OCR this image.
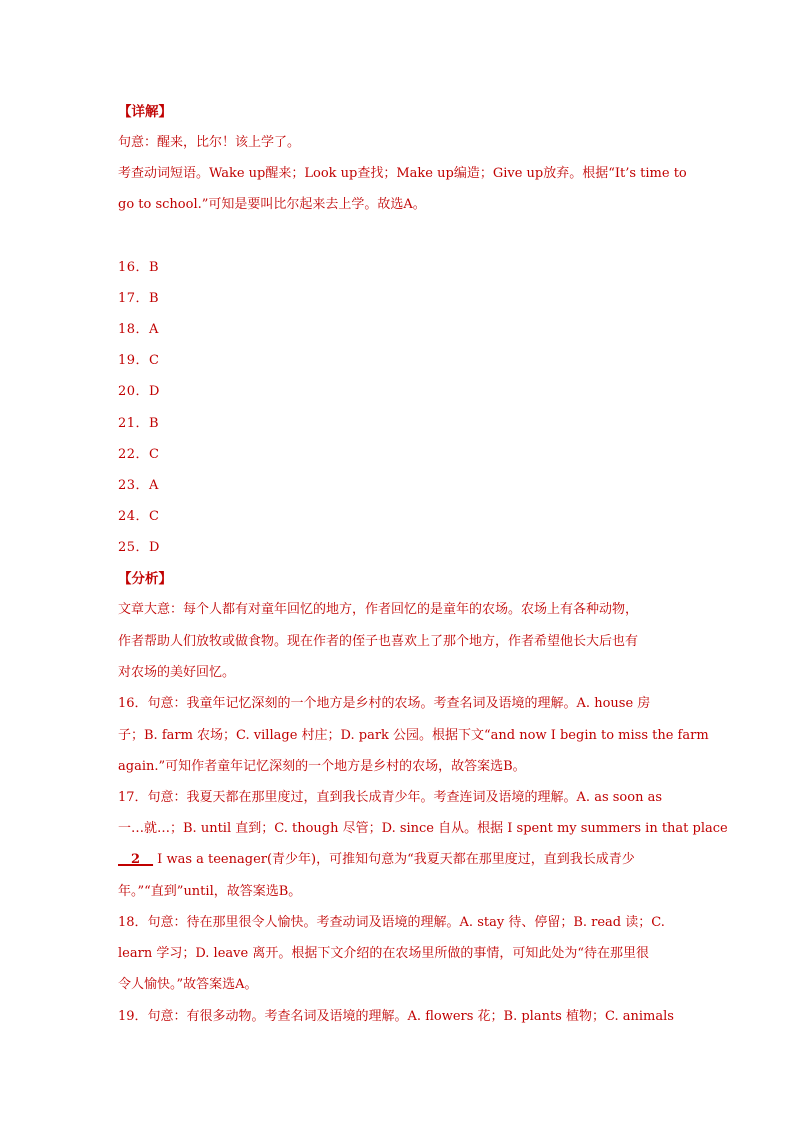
【详解】
句意：醒来，比尔！该上学了。
考查动词短语。Wake up醒来；Look up查找；Make up编造；Give up放弃。根据“It’s time to
go to school.”可知是要叫比尔起来去上学。故选A。
16．B
17．B
18．A
19．C
20．D
21．B
22．C
23．A
24．C
25．D
【分析】
文章大意：每个人都有对童年回忆的地方，作者回忆的是童年的农场。农场上有各种动物，
作者帮助人们放牧或做食物。现在作者的侄子也喜欢上了那个地方，作者希望他长大后也有
对农场的美好回忆。
16．句意：我童年记忆深刻的一个地方是乡村的农场。考查名词及语境的理解。A. house 房
子；B. farm 农场；C. village 村庄；D. park 公园。根据下文“and now I begin to miss the farm
again.”可知作者童年记忆深刻的一个地方是乡村的农场，故答案选B。
17．句意：我夏天都在那里度过，直到我长成青少年。考查连词及语境的理解。A. as soon as
一…就…；B. until 直到；C. though 尽管；D. since 自从。根据 I spent my summers in that place
__2__ I was a teenager(青少年)，可推知句意为“我夏天都在那里度过，直到我长成青少
年。”“直到”until，故答案选B。
18．句意：待在那里很令人愉快。考查动词及语境的理解。A. stay 待、停留；B. read 读；C.
learn 学习；D. leave 离开。根据下文介绍的在农场里所做的事情，可知此处为“待在那里很
令人愉快。”故答案选A。
19．句意：有很多动物。考查名词及语境的理解。A. flowers 花；B. plants 植物；C. animals
